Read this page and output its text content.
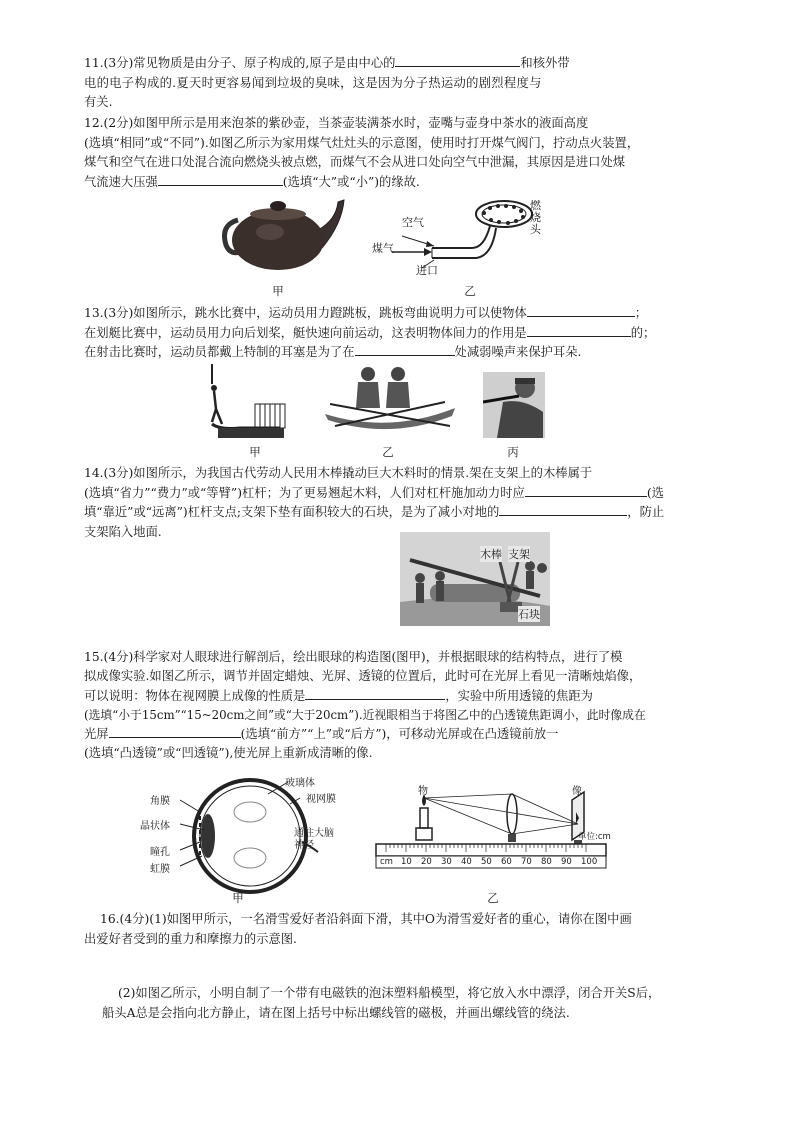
11.(3分)常见物质是由分子、原子构成的,原子是由中心的	和核外带

电的电子构成的.夏天时更容易闻到垃圾的臭味，这是因为分子热运动的剧烈程度与

有关.

12.(2分)如图甲所示是用来泡茶的紫砂壶，当茶壶装满茶水时，壶嘴与壶身中茶水的液面高度

(选填“相同”或“不同”).如图乙所示为家用煤气灶灶头的示意图，使用时打开煤气阀门，拧动点火装置，

煤气和空气在进口处混合流向燃烧头被点燃，而煤气不会从进口处向空气中泄漏，其原因是进口处煤

气流速大压强	(选填“大”或“小”)的缘故.

甲
空气
煤气
进口
燃烧头
乙

13.(3分)如图所示，跳水比赛中，运动员用力蹬跳板，跳板弯曲说明力可以使物体	；

在划艇比赛中，运动员用力向后划桨，艇快速向前运动，这表明物体间力的作用是	的；

在射击比赛时，运动员都戴上特制的耳塞是为了在	处减弱噪声来保护耳朵.

甲	乙	丙

14.(3分)如图所示，为我国古代劳动人民用木棒撬动巨大木料时的情景.架在支架上的木棒属于

(选填“省力”“费力”或“等臂”)杠杆；为了更易翘起木料，人们对杠杆施加动力时应	(选

填“靠近”或“远离”)杠杆支点;支架下垫有面积较大的石块，是为了减小对地的	，防止

支架陷入地面.

木棒 支架
石块

15.(4分)科学家对人眼球进行解剖后，绘出眼球的构造图(图甲)，并根据眼球的结构特点，进行了模

拟成像实验.如图乙所示，调节并固定蜡烛、光屏、透镜的位置后，此时可在光屏上看见一清晰烛焰像，

可以说明：物体在视网膜上成像的性质是	，实验中所用透镜的焦距为

(选填“小于15cm”“15~20cm之间”或“大于20cm”).近视眼相当于将图乙中的凸透镜焦距调小，此时像成在

光屏	(选填“前方”“上”或“后方”)，可移动光屏或在凸透镜前放一

(选填“凸透镜”或“凹透镜”),使光屏上重新成清晰的像.

角膜
晶状体
瞳孔
虹膜
玻璃体
视网膜
通往大脑神经
甲
物	像
单位:cm
cm 10 20 30 40 50 60 70 80 90 100
乙

16.(4分)(1)如图甲所示，一名滑雪爱好者沿斜面下滑，其中O为滑雪爱好者的重心，请你在图中画

出爱好者受到的重力和摩擦力的示意图.

(2)如图乙所示，小明自制了一个带有电磁铁的泡沫塑料船模型，将它放入水中漂浮，闭合开关S后，

船头A总是会指向北方静止，请在图上括号中标出螺线管的磁极，并画出螺线管的绕法.
